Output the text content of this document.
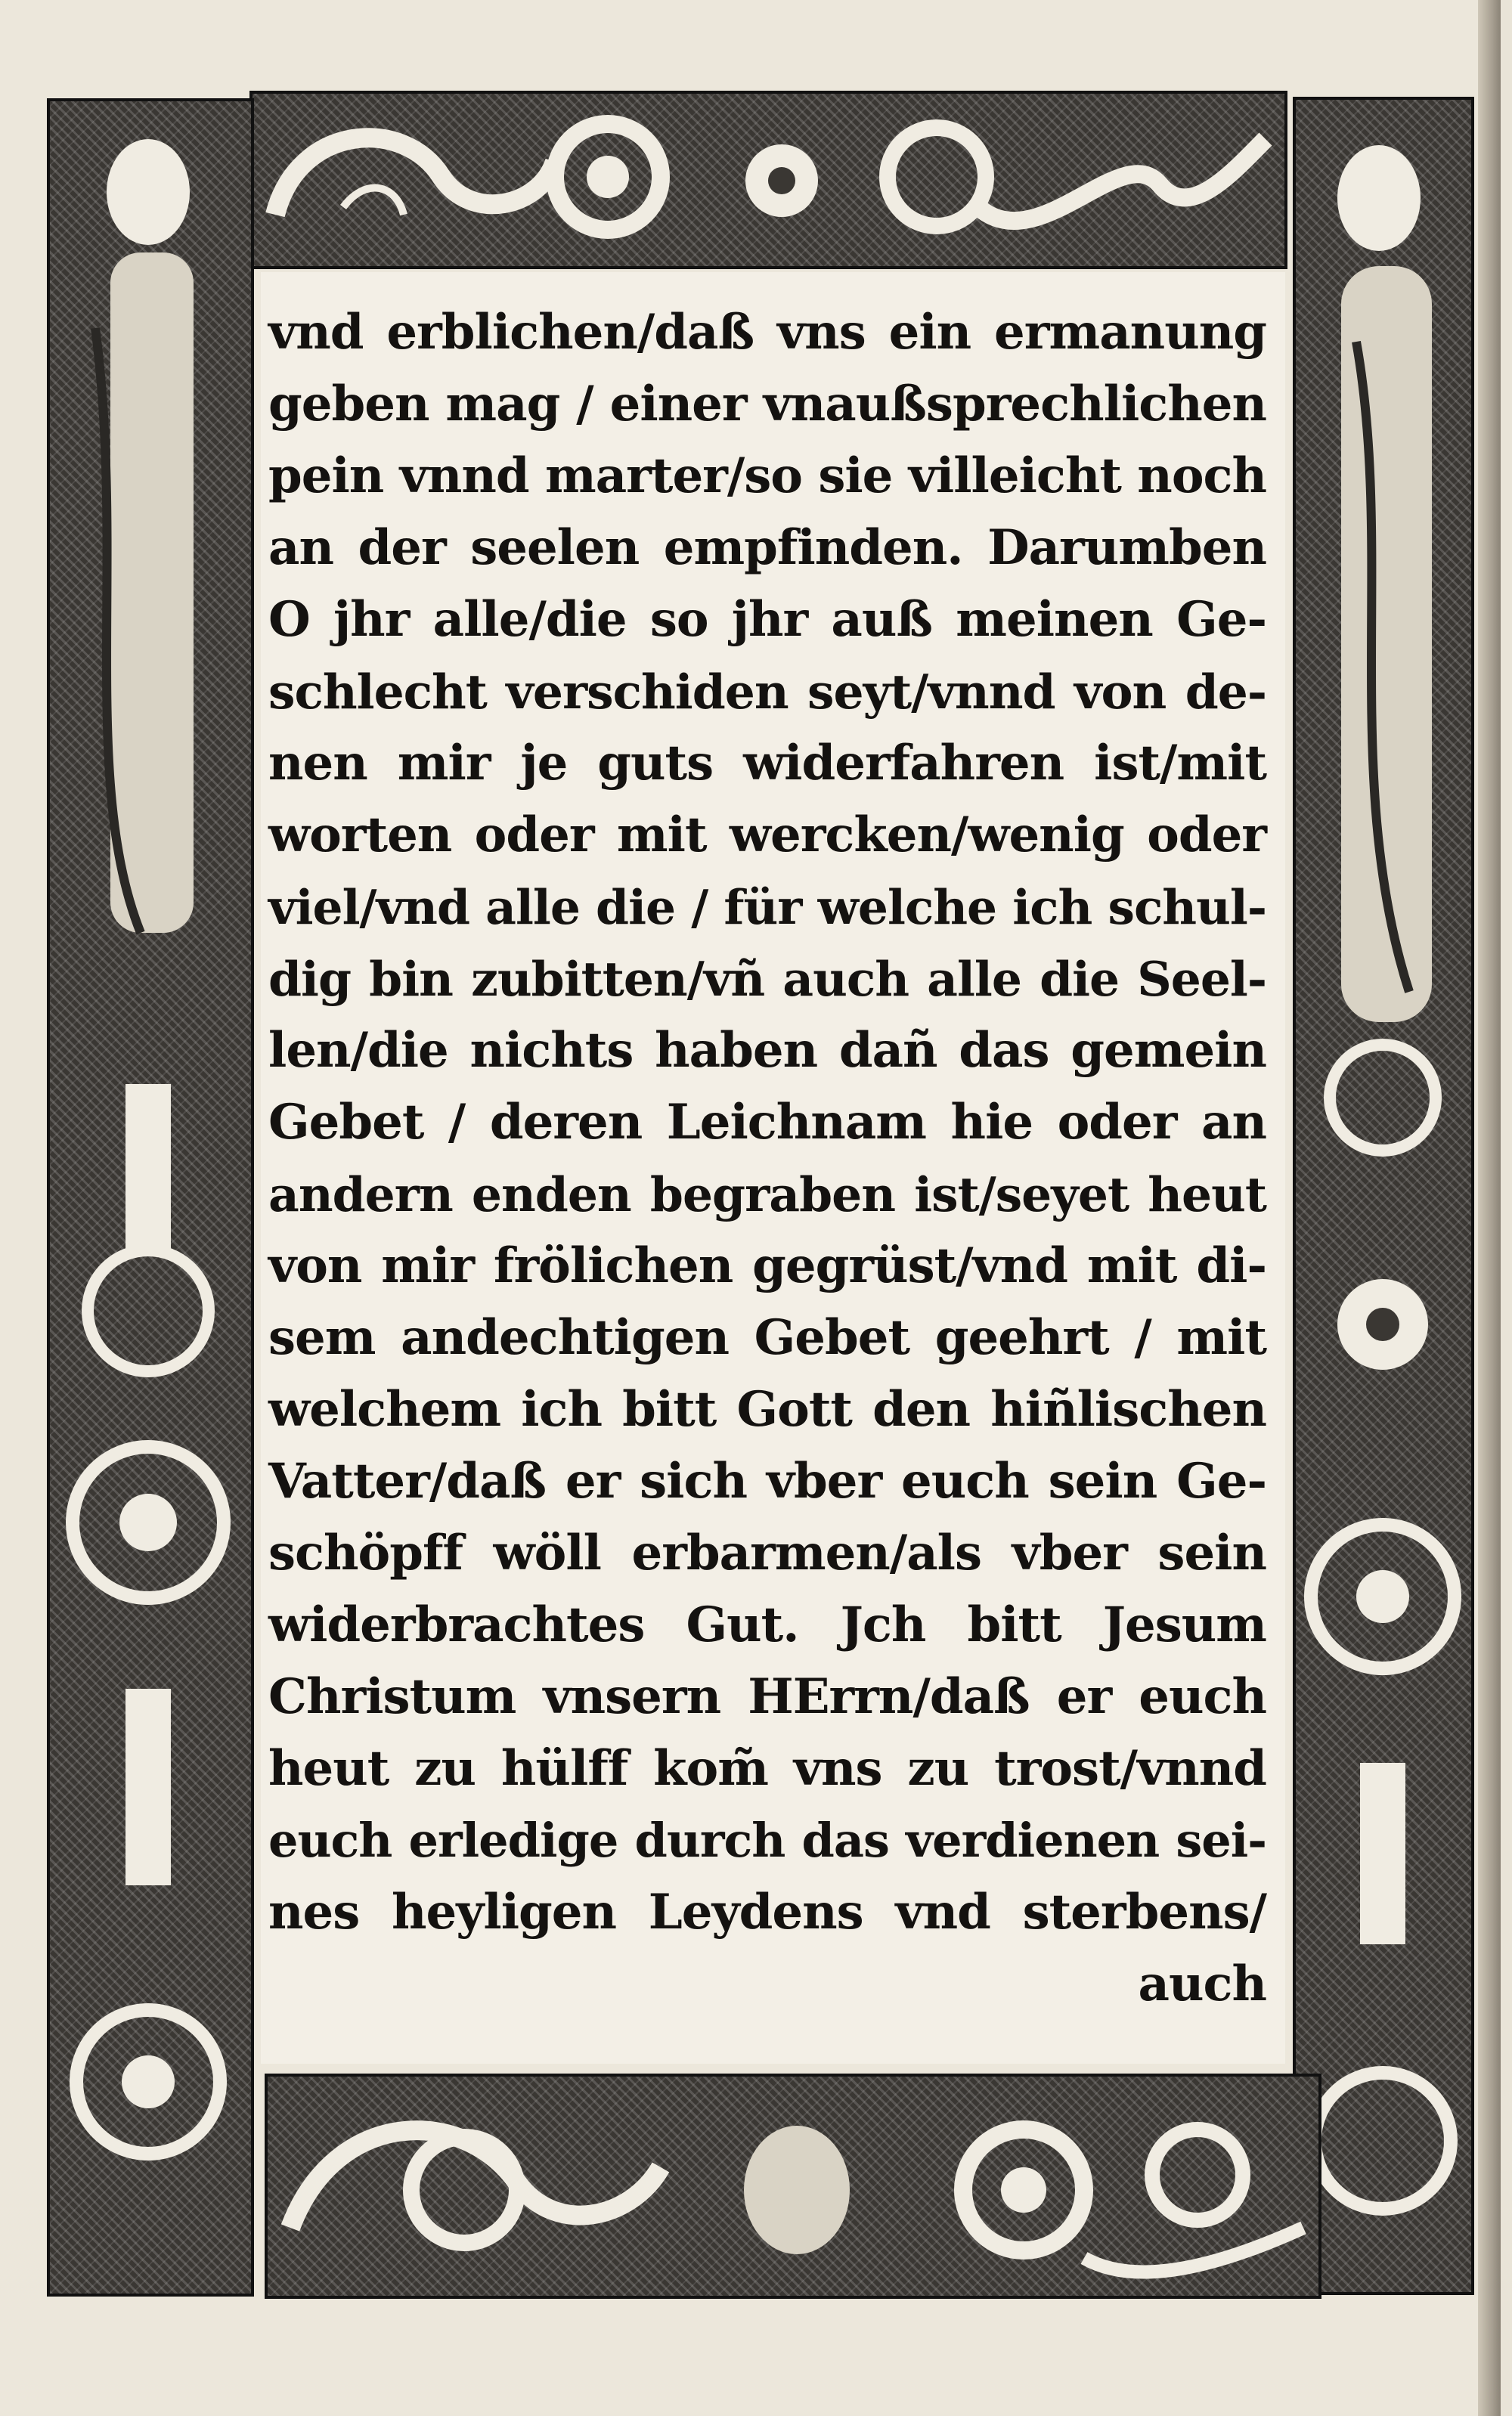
vnd erblichen/daß vns ein ermanung
geben mag / einer vnaußsprechlichen
pein vnnd marter/so sie villeicht noch
an der seelen empfinden. Darumben
O jhr alle/die so jhr auß meinen Ge-
schlecht verschiden seyt/vnnd von de-
nen mir je guts widerfahren ist/mit
worten oder mit wercken/wenig oder
viel/vnd alle die / für welche ich schul-
dig bin zubitten/vñ auch alle die Seel-
len/die nichts haben dañ das gemein
Gebet / deren Leichnam hie oder an
andern enden begraben ist/seyet heut
von mir frölichen gegrüst/vnd mit di-
sem andechtigen Gebet geehrt / mit
welchem ich bitt Gott den hiñlischen
Vatter/daß er sich vber euch sein Ge-
schöpff wöll erbarmen/als vber sein
widerbrachtes Gut. Jch bitt Jesum
Christum vnsern HErrn/daß er euch
heut zu hülff kom̃ vns zu trost/vnnd
euch erledige durch das verdienen sei-
nes heyligen Leydens vnd sterbens/
auch
